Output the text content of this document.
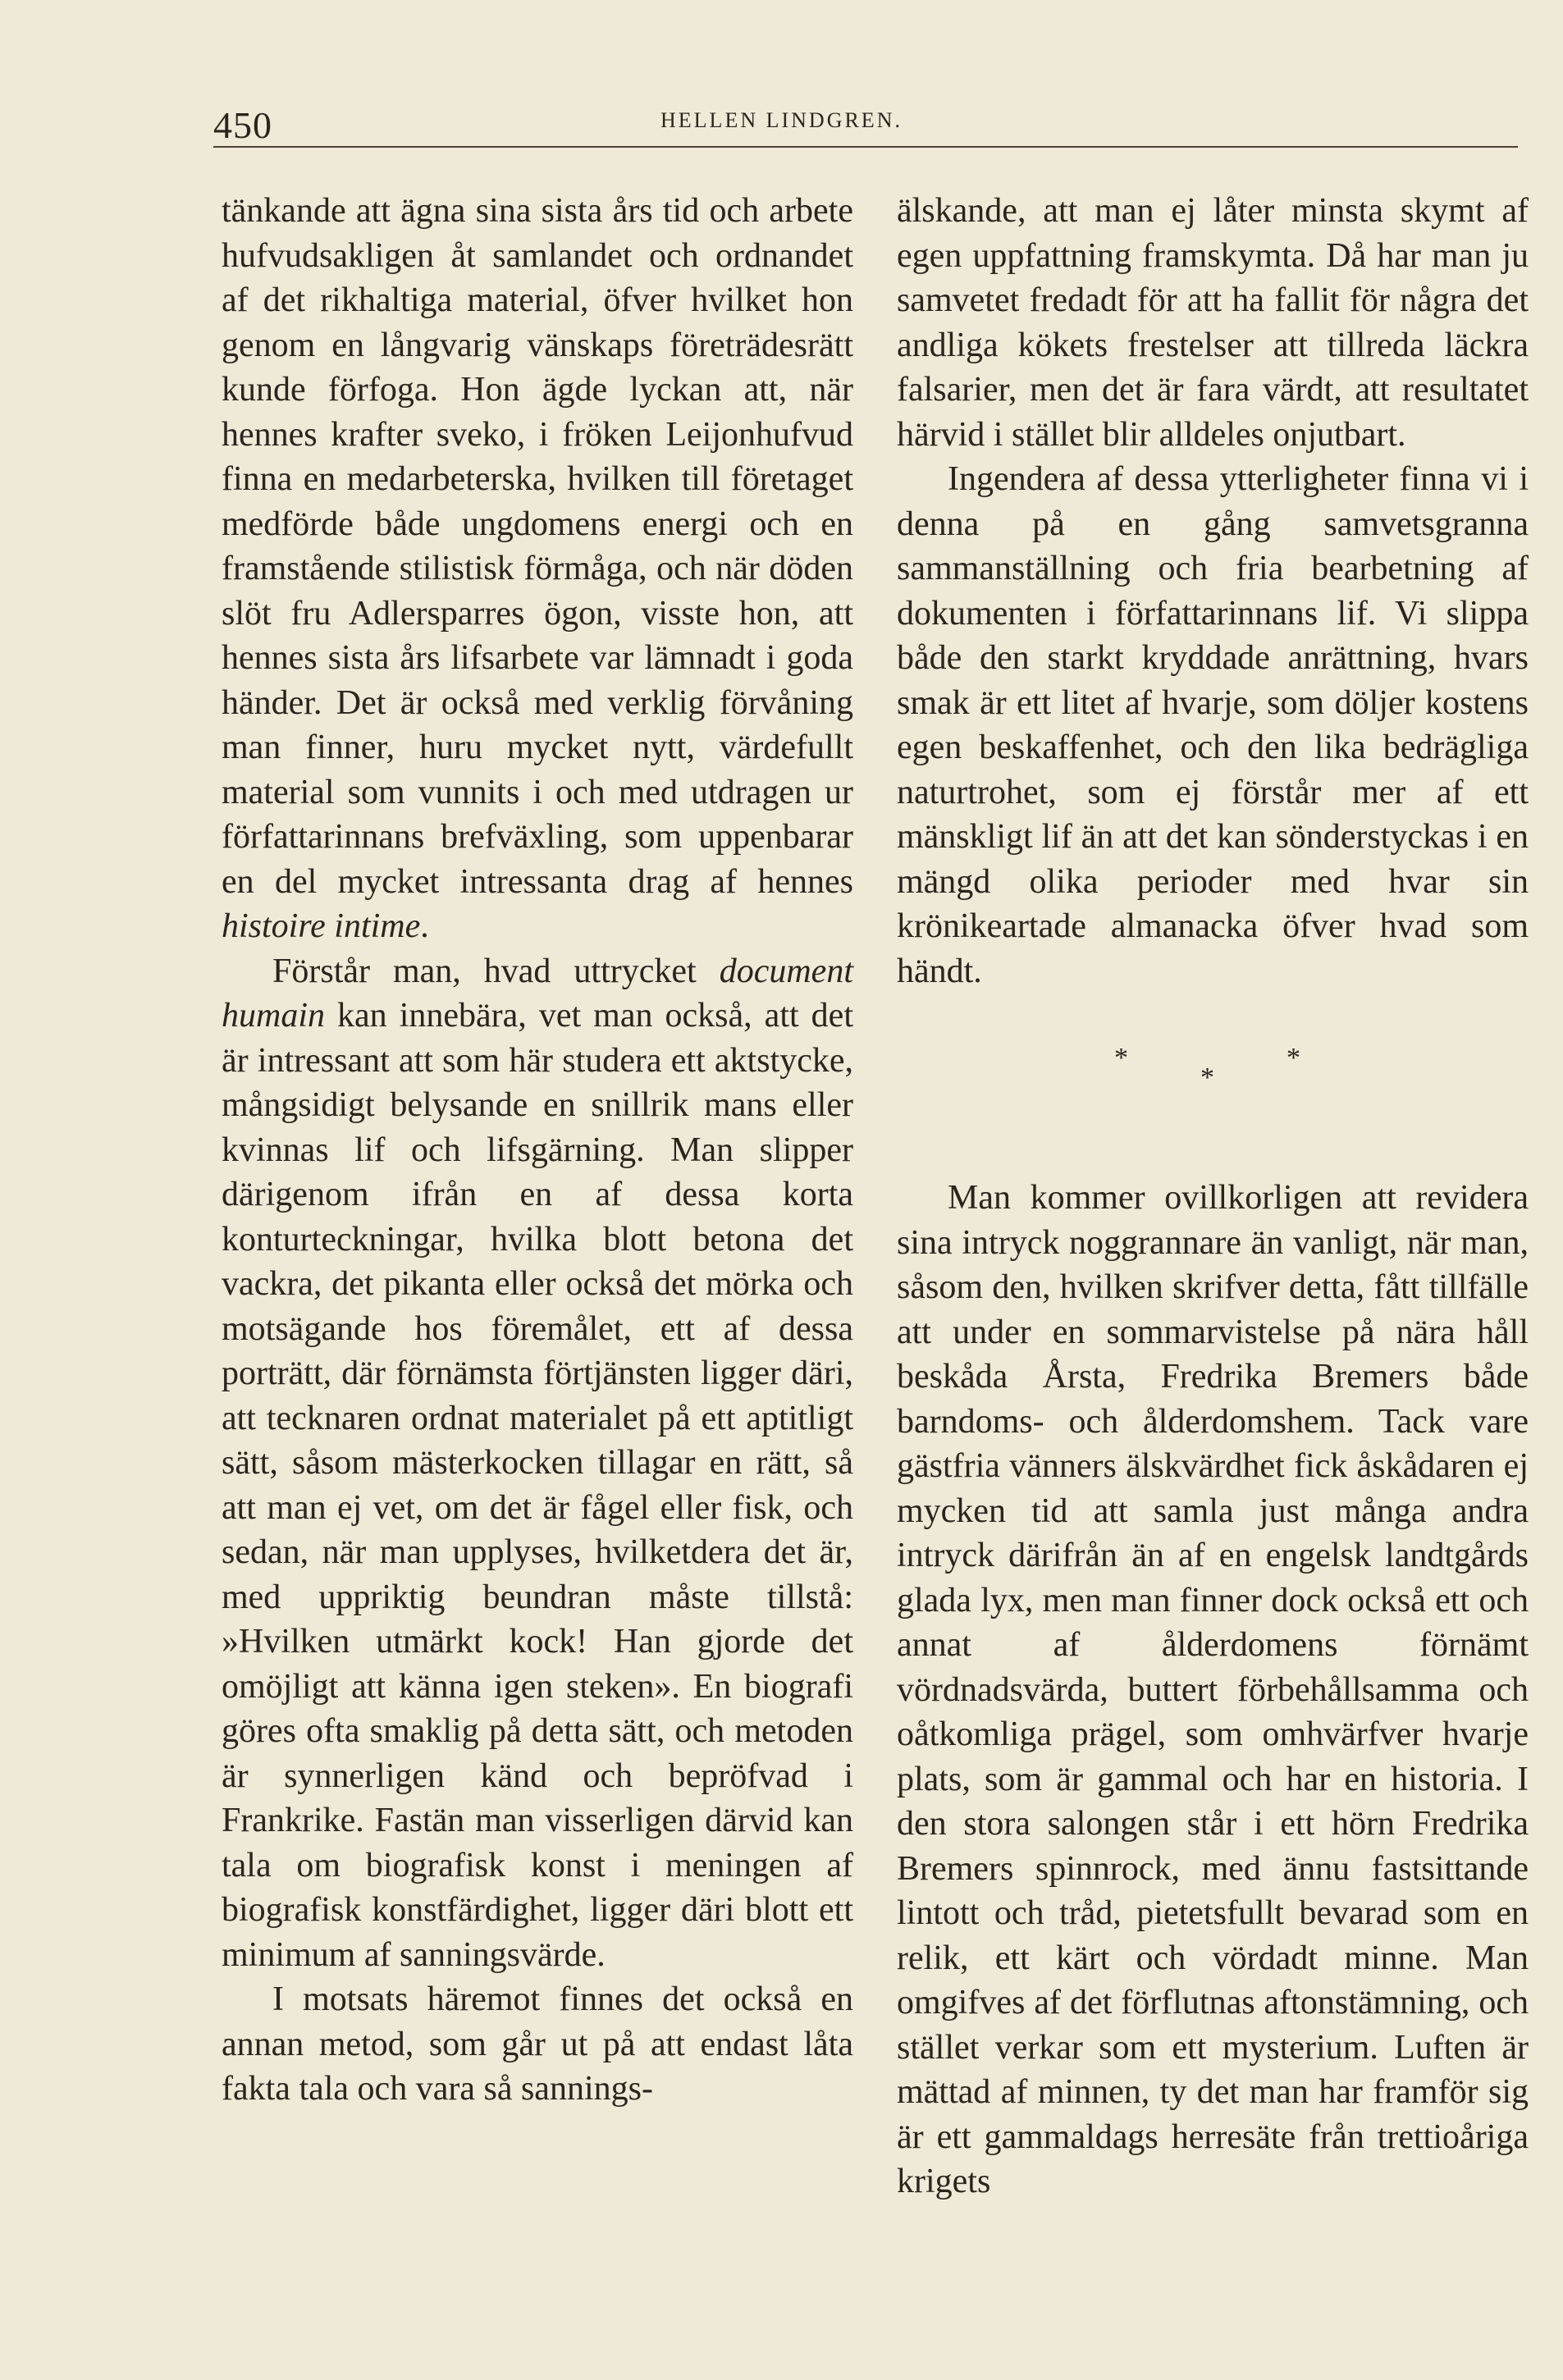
450	HELLEN LINDGREN.

tänkande att ägna sina sista års tid och arbete hufvudsakligen åt samlandet och ordnandet af det rikhaltiga material, öfver hvilket hon genom en långvarig vänskaps företrädesrätt kunde förfoga. Hon ägde lyckan att, när hennes krafter sveko, i fröken Leijonhufvud finna en medarbeterska, hvilken till företaget medförde både ungdomens energi och en framstående stilistisk förmåga, och när döden slöt fru Adlersparres ögon, visste hon, att hennes sista års lifsarbete var lämnadt i goda händer. Det är också med verklig förvåning man finner, huru mycket nytt, värdefullt material som vunnits i och med utdragen ur författarinnans brefväxling, som uppenbarar en del mycket intressanta drag af hennes histoire intime.

Förstår man, hvad uttrycket document humain kan innebära, vet man också, att det är intressant att som här studera ett aktstycke, mångsidigt belysande en snillrik mans eller kvinnas lif och lifsgärning. Man slipper därigenom ifrån en af dessa korta konturteckningar, hvilka blott betona det vackra, det pikanta eller också det mörka och motsägande hos föremålet, ett af dessa porträtt, där förnämsta förtjänsten ligger däri, att tecknaren ordnat materialet på ett aptitligt sätt, såsom mästerkocken tillagar en rätt, så att man ej vet, om det är fågel eller fisk, och sedan, när man upplyses, hvilketdera det är, med uppriktig beundran måste tillstå: »Hvilken utmärkt kock! Han gjorde det omöjligt att känna igen steken». En biografi göres ofta smaklig på detta sätt, och metoden är synnerligen känd och bepröfvad i Frankrike. Fastän man visserligen därvid kan tala om biografisk konst i meningen af biografisk konstfärdighet, ligger däri blott ett minimum af sanningsvärde.

I motsats häremot finnes det också en annan metod, som går ut på att endast låta fakta tala och vara så sannings-

älskande, att man ej låter minsta skymt af egen uppfattning framskymta. Då har man ju samvetet fredadt för att ha fallit för några det andliga kökets frestelser att tillreda läckra falsarier, men det är fara värdt, att resultatet härvid i stället blir alldeles onjutbart.

Ingendera af dessa ytterligheter finna vi i denna på en gång samvetsgranna sammanställning och fria bearbetning af dokumenten i författarinnans lif. Vi slippa både den starkt kryddade anrättning, hvars smak är ett litet af hvarje, som döljer kostens egen beskaffenhet, och den lika bedrägliga naturtrohet, som ej förstår mer af ett mänskligt lif än att det kan sönderstyckas i en mängd olika perioder med hvar sin krönikeartade almanacka öfver hvad som händt.

*
*
*

Man kommer ovillkorligen att revidera sina intryck noggrannare än vanligt, när man, såsom den, hvilken skrifver detta, fått tillfälle att under en sommarvistelse på nära håll beskåda Årsta, Fredrika Bremers både barndoms- och ålderdomshem. Tack vare gästfria vänners älskvärdhet fick åskådaren ej mycken tid att samla just många andra intryck därifrån än af en engelsk landtgårds glada lyx, men man finner dock också ett och annat af ålderdomens förnämt vördnadsvärda, buttert förbehållsamma och oåtkomliga prägel, som omhvärfver hvarje plats, som är gammal och har en historia. I den stora salongen står i ett hörn Fredrika Bremers spinnrock, med ännu fastsittande lintott och tråd, pietetsfullt bevarad som en relik, ett kärt och vördadt minne. Man omgifves af det förflutnas aftonstämning, och stället verkar som ett mysterium. Luften är mättad af minnen, ty det man har framför sig är ett gammaldags herresäte från trettioåriga krigets
